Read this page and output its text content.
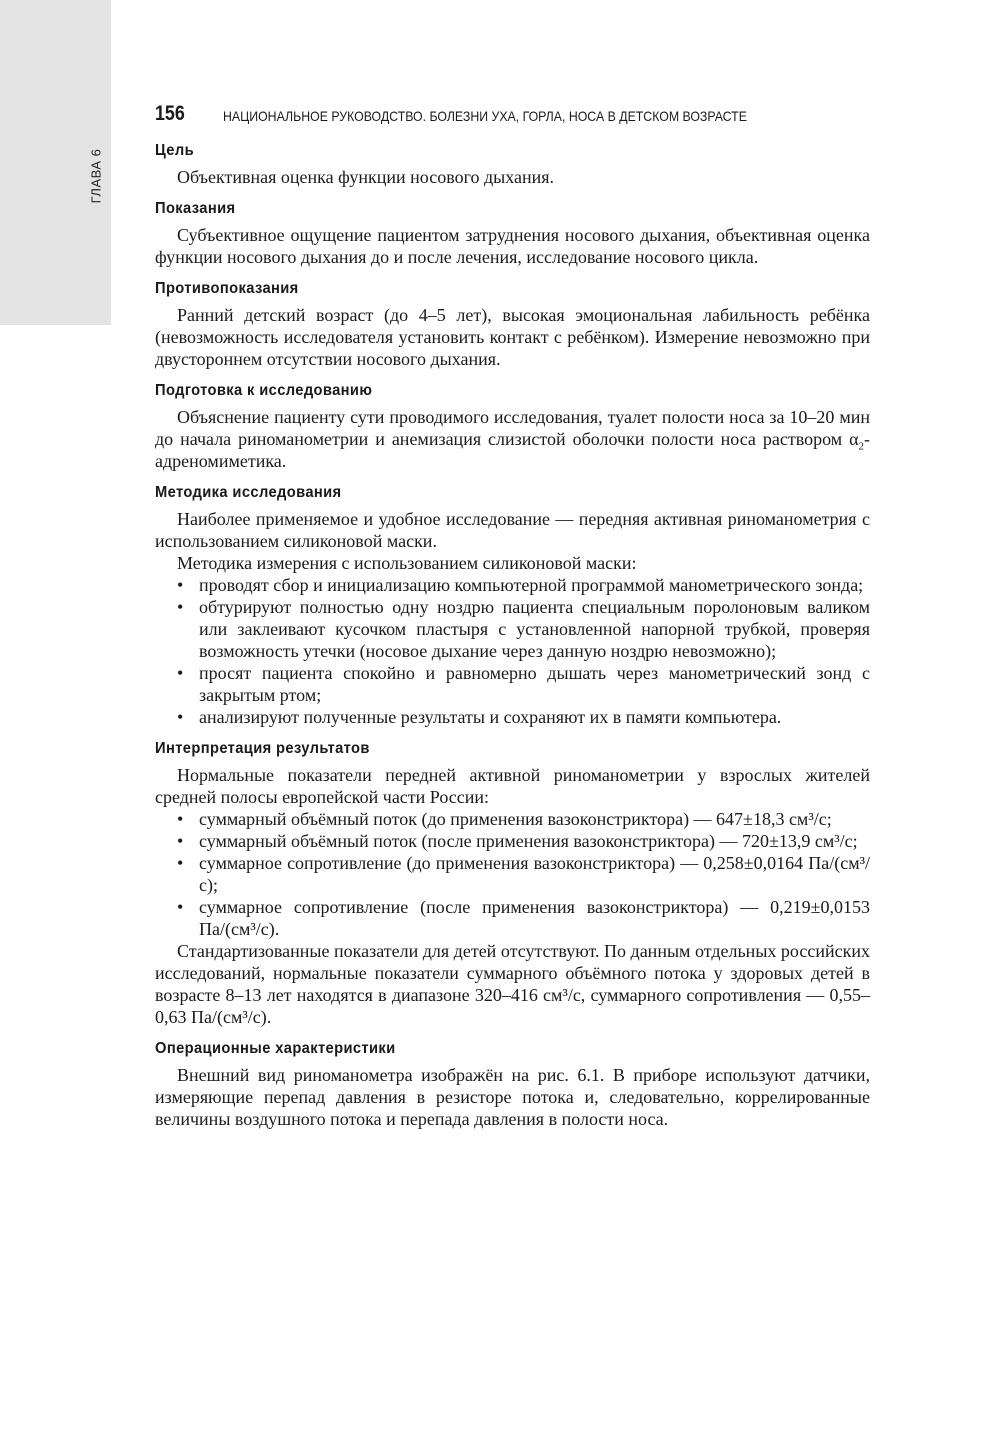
ГЛАВА 6
156	НАЦИОНАЛЬНОЕ РУКОВОДСТВО. БОЛЕЗНИ УХА, ГОРЛА, НОСА В ДЕТСКОМ ВОЗРАСТЕ
Цель

Объективная оценка функции носового дыхания.

Показания

Субъективное ощущение пациентом затруднения носового дыхания, объективная оценка функции носового дыхания до и после лечения, исследование носового цикла.

Противопоказания

Ранний детский возраст (до 4–5 лет), высокая эмоциональная лабильность ребёнка (невозможность исследователя установить контакт с ребёнком). Измерение невозможно при двустороннем отсутствии носового дыхания.

Подготовка к исследованию

Объяснение пациенту сути проводимого исследования, туалет полости носа за 10–20 мин до начала риноманометрии и анемизация слизистой оболочки полости носа раствором $\alpha_2$-адреномиметика.

Методика исследования

Наиболее применяемое и удобное исследование — передняя активная риноманометрия с использованием силиконовой маски.

Методика измерения с использованием силиконовой маски:

• проводят сбор и инициализацию компьютерной программой манометрического зонда;
• обтурируют полностью одну ноздрю пациента специальным поролоновым валиком или заклеивают кусочком пластыря с установленной напорной трубкой, проверяя возможность утечки (носовое дыхание через данную ноздрю невозможно);
• просят пациента спокойно и равномерно дышать через манометрический зонд с закрытым ртом;
• анализируют полученные результаты и сохраняют их в памяти компьютера.
Интерпретация результатов

Нормальные показатели передней активной риноманометрии у взрослых жителей средней полосы европейской части России:

• суммарный объёмный поток (до применения вазоконстриктора) — 647±18,3 см³/с;
• суммарный объёмный поток (после применения вазоконстриктора) — 720±13,9 см³/с;
• суммарное сопротивление (до применения вазоконстриктора) — 0,258±0,0164 Па/(см³/с);
• суммарное сопротивление (после применения вазоконстриктора) — 0,219±0,0153 Па/(см³/с).

Стандартизованные показатели для детей отсутствуют. По данным отдельных российских исследований, нормальные показатели суммарного объёмного потока у здоровых детей в возрасте 8–13 лет находятся в диапазоне 320–416 см³/с, суммарного сопротивления — 0,55–0,63 Па/(см³/с).

Операционные характеристики

Внешний вид риноманометра изображён на рис. 6.1. В приборе используют датчики, измеряющие перепад давления в резисторе потока и, следовательно, коррелированные величины воздушного потока и перепада давления в полости носа.
